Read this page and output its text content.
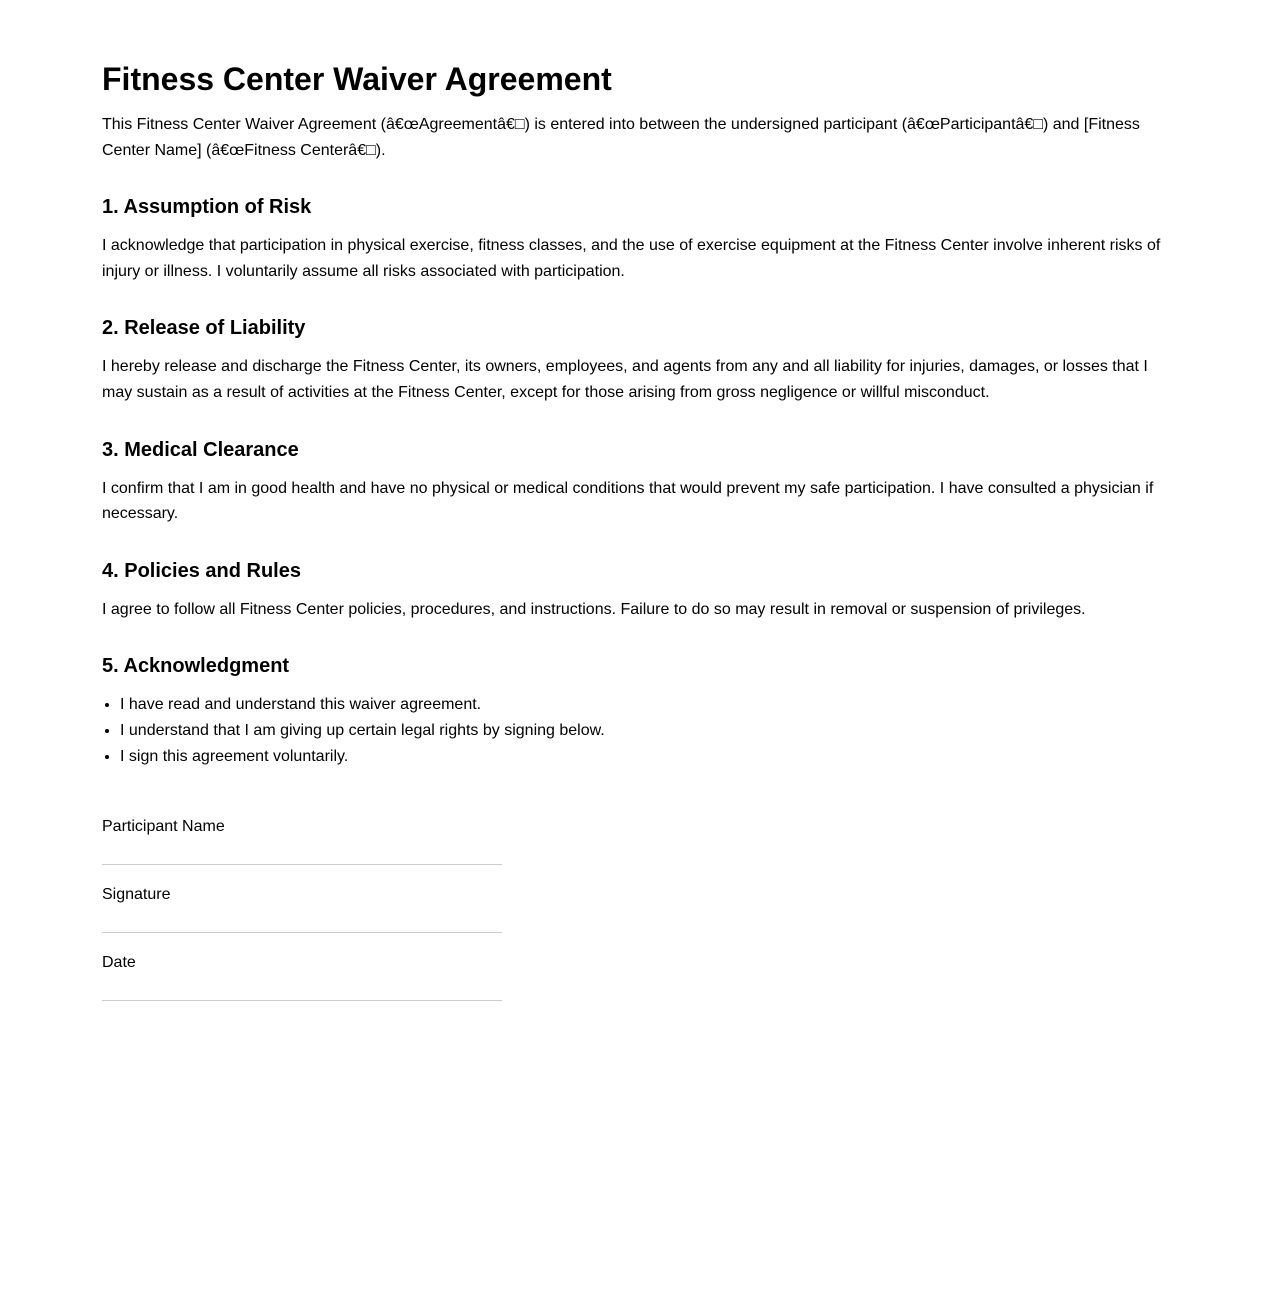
Fitness Center Waiver Agreement

This Fitness Center Waiver Agreement (â€œAgreementâ€□) is entered into between the undersigned participant (â€œParticipantâ€□) and [Fitness Center Name] (â€œFitness Centerâ€□).

1. Assumption of Risk

I acknowledge that participation in physical exercise, fitness classes, and the use of exercise equipment at the Fitness Center involve inherent risks of injury or illness. I voluntarily assume all risks associated with participation.

2. Release of Liability

I hereby release and discharge the Fitness Center, its owners, employees, and agents from any and all liability for injuries, damages, or losses that I may sustain as a result of activities at the Fitness Center, except for those arising from gross negligence or willful misconduct.

3. Medical Clearance

I confirm that I am in good health and have no physical or medical conditions that would prevent my safe participation. I have consulted a physician if necessary.

4. Policies and Rules

I agree to follow all Fitness Center policies, procedures, and instructions. Failure to do so may result in removal or suspension of privileges.

5. Acknowledgment
• I have read and understand this waiver agreement.
• I understand that I am giving up certain legal rights by signing below.
• I sign this agreement voluntarily.
Participant Name
Signature
Date
